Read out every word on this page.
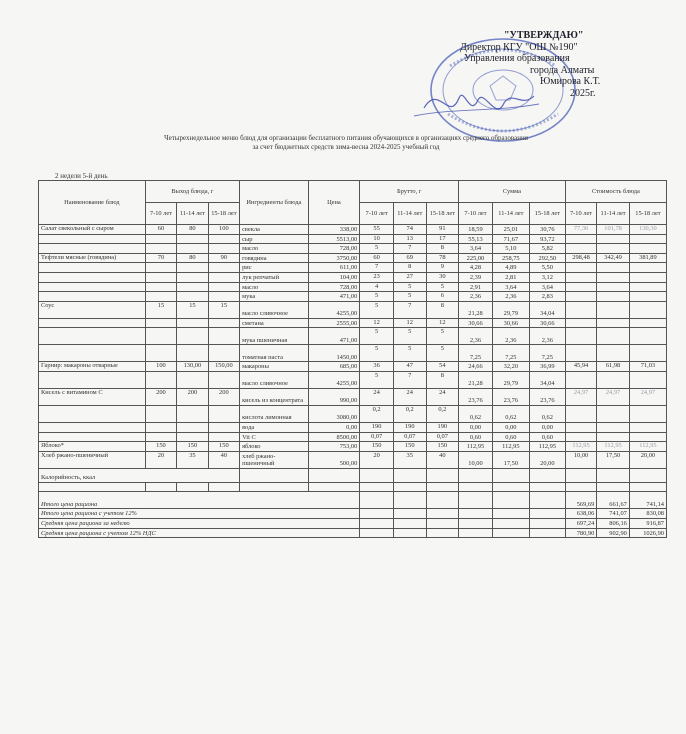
"УТВЕРЖДАЮ"
Директор КГУ "ОШ №190"
Управления образования
города Алматы
Юмирова К.Т.
2025г.
Четырехнедельное меню блюд для организации бесплатного питания обучающихся в организациях среднего образования
за счет бюджетных средств зима-весна 2024-2025 учебный год
2 недели 5-й день
Наименование блюд	Выход блюда, г			Ингредиенты блюда	Цена	Брутто, г			Сумма			Стоимость блюда		
	7-10 лет	11-14 лет	15-18 лет			7-10 лет	11-14 лет	15-18 лет	7-10 лет	11-14 лет	15-18 лет	7-10 лет	11-14 лет	15-18 лет
Салат свекольный с сыром	60	80	100	свекла	338,00	55	74	91	18,59	25,01	30,76	77,36	101,78	130,30
				сыр	5513,00	10	13	17	55,13	71,67	93,72			
				масло	728,00	5	7	8	3,64	5,10	5,82			
Тефтели мясные (говядина)	70	80	90	говядина	3750,00	60	69	78	225,00	258,75	292,50	298,48	342,49	381,89
				рис	611,00	7	8	9	4,28	4,89	5,50			
				лук репчатый	104,00	23	27	30	2,39	2,81	3,12			
				масло	728,00	4	5	5	2,91	3,64	3,64			
				мука	471,00	5	5	6	2,36	2,36	2,83			
Соус	15	15	15	масло сливочное	4255,00	5	7	8	21,28	29,79	34,04			
				сметана	2555,00	12	12	12	30,66	30,66	30,66			
				мука пшеничная	471,00	5	5	5	2,36	2,36	2,36			
				томатная паста	1450,00	5	5	5	7,25	7,25	7,25			
Гарнир: макароны отварные	100	130,00	150,00	макароны	685,00	36	47	54	24,66	32,20	36,99	45,94	61,98	71,03
				масло сливочное	4255,00	5	7	8	21,28	29,79	34,04			
Кисель с витамином С	200	200	200	кисель из концентрата	990,00	24	24	24	23,76	23,76	23,76	24,97	24,97	24,97
				кислота лимонная	3080,00	0,2	0,2	0,2	0,62	0,62	0,62			
				вода	0,00	190	190	190	0,00	0,00	0,00			
				Vit C	8500,00	0,07	0,07	0,07	0,60	0,60	0,60			
Яблоко*	150	150	150	яблоко	753,00	150	150	150	112,95	112,95	112,95	112,95	112,95	112,95
Хлеб ржано-пшеничный	20	35	40	хлеб ржано-пшеничный	500,00	20	35	40	10,00	17,50	20,00	10,00	17,50	20,00
Калорийность, ккал														

Итого цена рациона												569,69	661,67	741,14
Итого цена рациона с учетом 12%												638,06	741,07	830,08
Средняя цена рациона за неделю												697,24	806,16	916,87
Средняя цена рациона с учетом 12% НДС												780,90	902,90	1026,90
